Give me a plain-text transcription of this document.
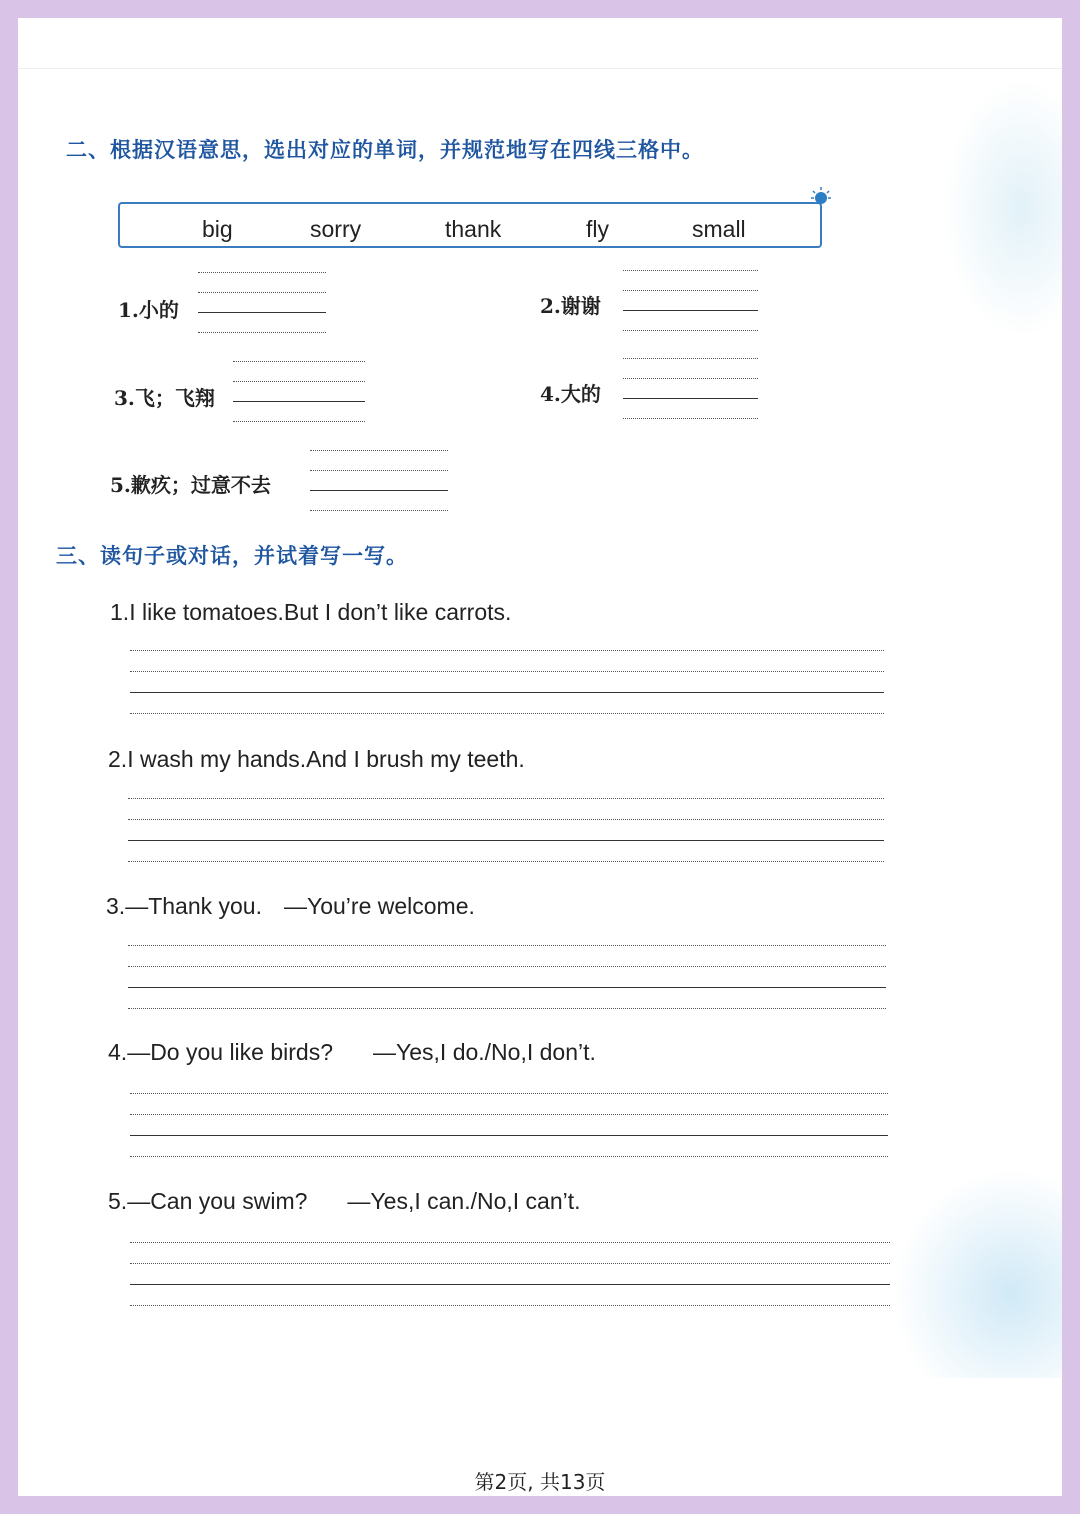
二、根据汉语意思，选出对应的单词，并规范地写在四线三格中。
big	sorry	thank	fly	small
1.小的	2.谢谢
3.飞；飞翔	4.大的
5.歉疚；过意不去
三、读句子或对话，并试着写一写。
1.I like tomatoes.But I don’t like carrots.
2.I wash my hands.And I brush my teeth.
3.—Thank you. —You’re welcome.
4.—Do you like birds? —Yes,I do./No,I don’t.
5.—Can you swim? —Yes,I can./No,I can’t.
第2页, 共13页
